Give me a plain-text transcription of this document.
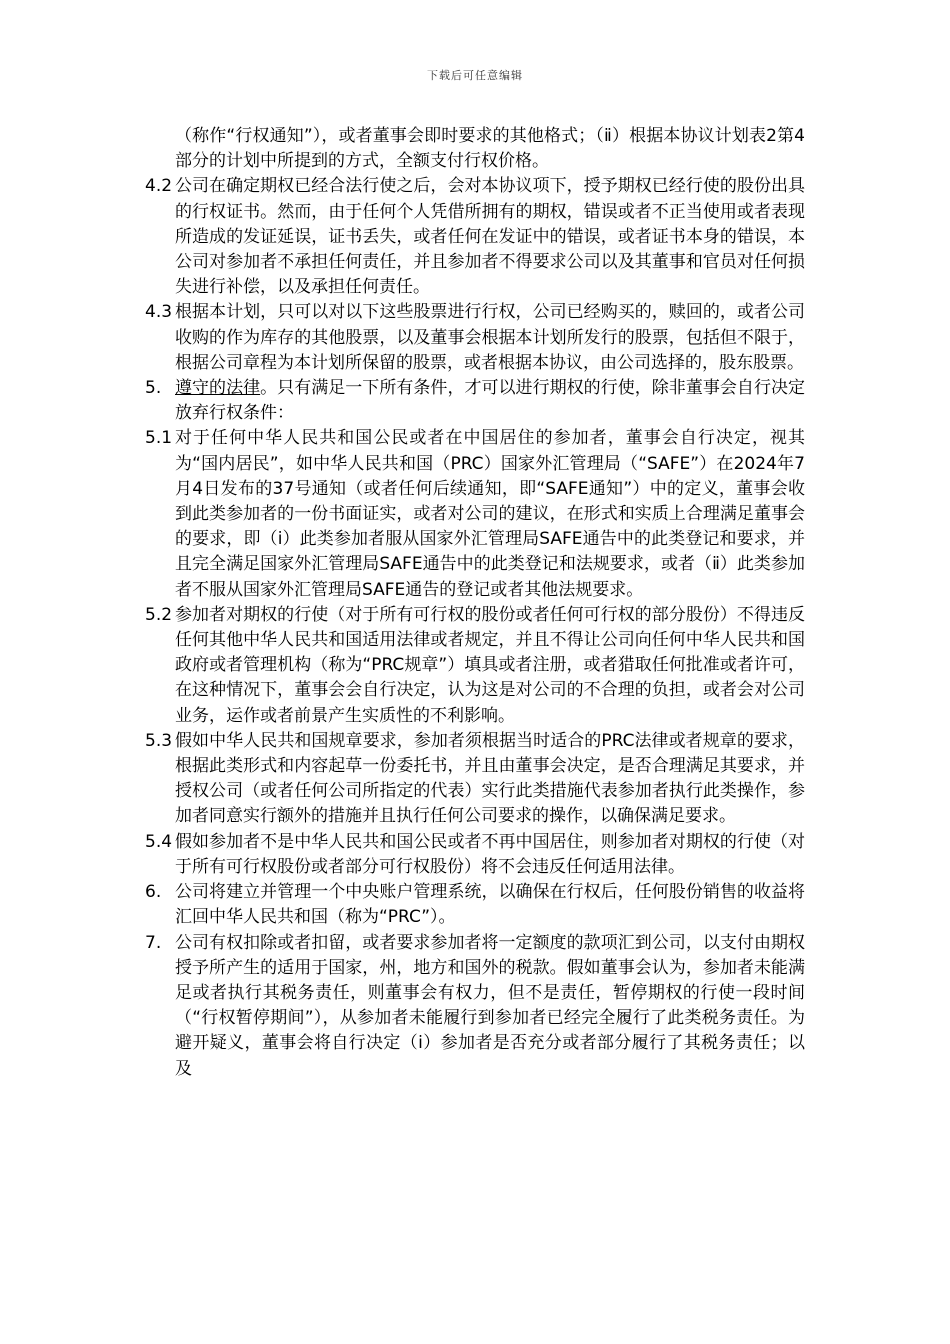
下载后可任意编辑
（称作“行权通知”），或者董事会即时要求的其他格式；（ⅱ）根据本协议计划表2第4部分的计划中所提到的方式，全额支付行权价格。
4.2 公司在确定期权已经合法行使之后，会对本协议项下，授予期权已经行使的股份出具的行权证书。然而，由于任何个人凭借所拥有的期权，错误或者不正当使用或者表现所造成的发证延误，证书丢失，或者任何在发证中的错误，或者证书本身的错误，本公司对参加者不承担任何责任，并且参加者不得要求公司以及其董事和官员对任何损失进行补偿，以及承担任何责任。
4.3 根据本计划，只可以对以下这些股票进行行权，公司已经购买的，赎回的，或者公司收购的作为库存的其他股票，以及董事会根据本计划所发行的股票，包括但不限于，根据公司章程为本计划所保留的股票，或者根据本协议，由公司选择的，股东股票。
5. 遵守的法律。只有满足一下所有条件，才可以进行期权的行使，除非董事会自行决定放弃行权条件：
5.1 对于任何中华人民共和国公民或者在中国居住的参加者，董事会自行决定，视其为“国内居民”，如中华人民共和国（PRC）国家外汇管理局（“SAFE”）在2024年7月4日发布的37号通知（或者任何后续通知，即“SAFE通知”）中的定义，董事会收到此类参加者的一份书面证实，或者对公司的建议，在形式和实质上合理满足董事会的要求，即（ⅰ）此类参加者服从国家外汇管理局SAFE通告中的此类登记和要求，并且完全满足国家外汇管理局SAFE通告中的此类登记和法规要求，或者（ⅱ）此类参加者不服从国家外汇管理局SAFE通告的登记或者其他法规要求。
5.2 参加者对期权的行使（对于所有可行权的股份或者任何可行权的部分股份）不得违反任何其他中华人民共和国适用法律或者规定，并且不得让公司向任何中华人民共和国政府或者管理机构（称为“PRC规章”）填具或者注册，或者猎取任何批准或者许可，在这种情况下，董事会会自行决定，认为这是对公司的不合理的负担，或者会对公司业务，运作或者前景产生实质性的不利影响。
5.3 假如中华人民共和国规章要求，参加者须根据当时适合的PRC法律或者规章的要求，根据此类形式和内容起草一份委托书，并且由董事会决定，是否合理满足其要求，并授权公司（或者任何公司所指定的代表）实行此类措施代表参加者执行此类操作，参加者同意实行额外的措施并且执行任何公司要求的操作，以确保满足要求。
5.4 假如参加者不是中华人民共和国公民或者不再中国居住，则参加者对期权的行使（对于所有可行权股份或者部分可行权股份）将不会违反任何适用法律。
6. 公司将建立并管理一个中央账户管理系统，以确保在行权后，任何股份销售的收益将汇回中华人民共和国（称为“PRC”）。
7. 公司有权扣除或者扣留，或者要求参加者将一定额度的款项汇到公司，以支付由期权授予所产生的适用于国家，州，地方和国外的税款。假如董事会认为，参加者未能满足或者执行其税务责任，则董事会有权力，但不是责任，暂停期权的行使一段时间（“行权暂停期间”），从参加者未能履行到参加者已经完全履行了此类税务责任。为避开疑义，董事会将自行决定（ⅰ）参加者是否充分或者部分履行了其税务责任；以及
